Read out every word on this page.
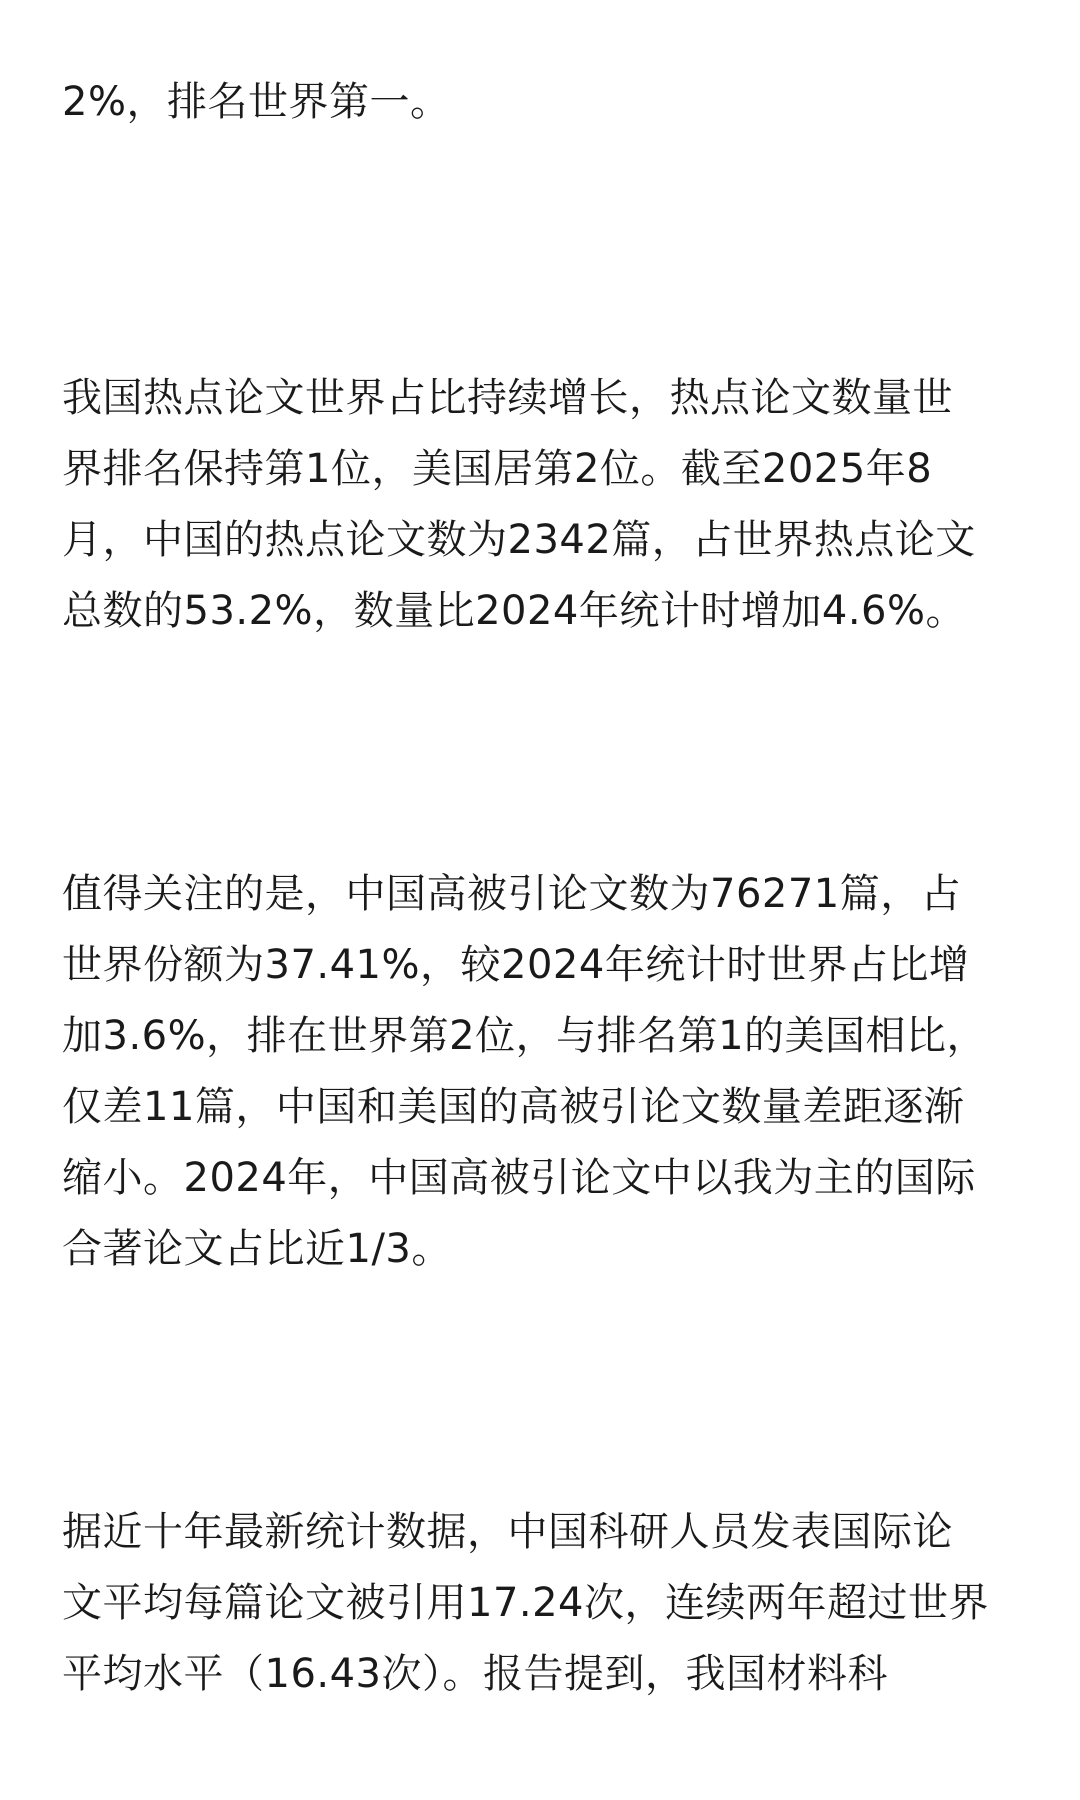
2%，排名世界第一。
我国热点论文世界占比持续增长，热点论文数量世
界排名保持第1位，美国居第2位。截至2025年8
月，中国的热点论文数为2342篇，占世界热点论文
总数的53.2%，数量比2024年统计时增加4.6%。
值得关注的是，中国高被引论文数为76271篇，占
世界份额为37.41%，较2024年统计时世界占比增
加3.6%，排在世界第2位，与排名第1的美国相比，
仅差11篇，中国和美国的高被引论文数量差距逐渐
缩小。2024年，中国高被引论文中以我为主的国际
合著论文占比近1/3。
据近十年最新统计数据，中国科研人员发表国际论
文平均每篇论文被引用17.24次，连续两年超过世界
平均水平（16.43次）。报告提到，我国材料科
